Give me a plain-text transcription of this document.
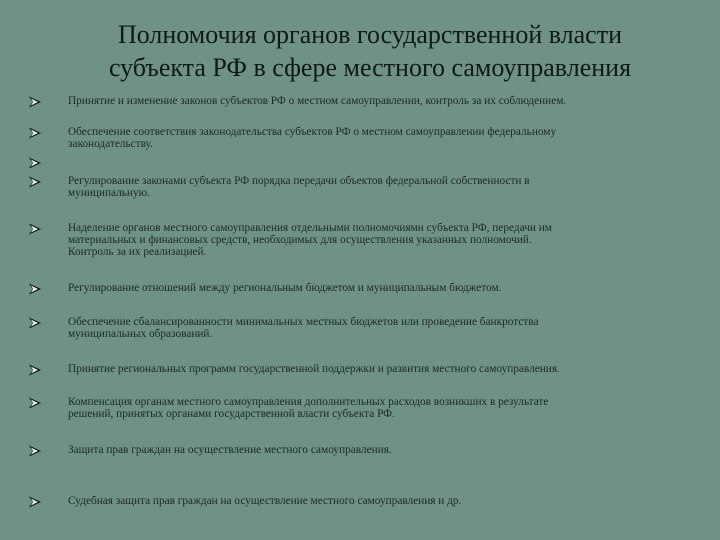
Полномочия органов государственной власти
субъекта РФ в сфере местного самоуправления
Принятие и изменение законов субъектов РФ о местном самоуправлении, контроль за их соблюдением.
Обеспечение соответствия законодательства субъектов РФ о местном самоуправлении федеральному
законодательству.
Регулирование законами субъекта РФ порядка передачи объектов федеральной собственности в
муниципальную.
Наделение органов местного самоуправления отдельными полномочиями субъекта РФ, передачи им
материальных и финансовых средств, необходимых для осуществления указанных полномочий.
Контроль за их реализацией.
Регулирование отношений между региональным бюджетом и муниципальным бюджетом.
Обеспечение сбалансированности минимальных местных бюджетов или проведение банкротства
муниципальных образований.
Принятие региональных программ государственной поддержки и развития местного самоуправления.
Компенсация органам местного самоуправления дополнительных расходов возникших в результате
решений, принятых органами государственной власти субъекта РФ.
Защита прав граждан на осуществление местного самоуправления.
Судебная защита прав граждан на осуществление местного самоуправления и др.
